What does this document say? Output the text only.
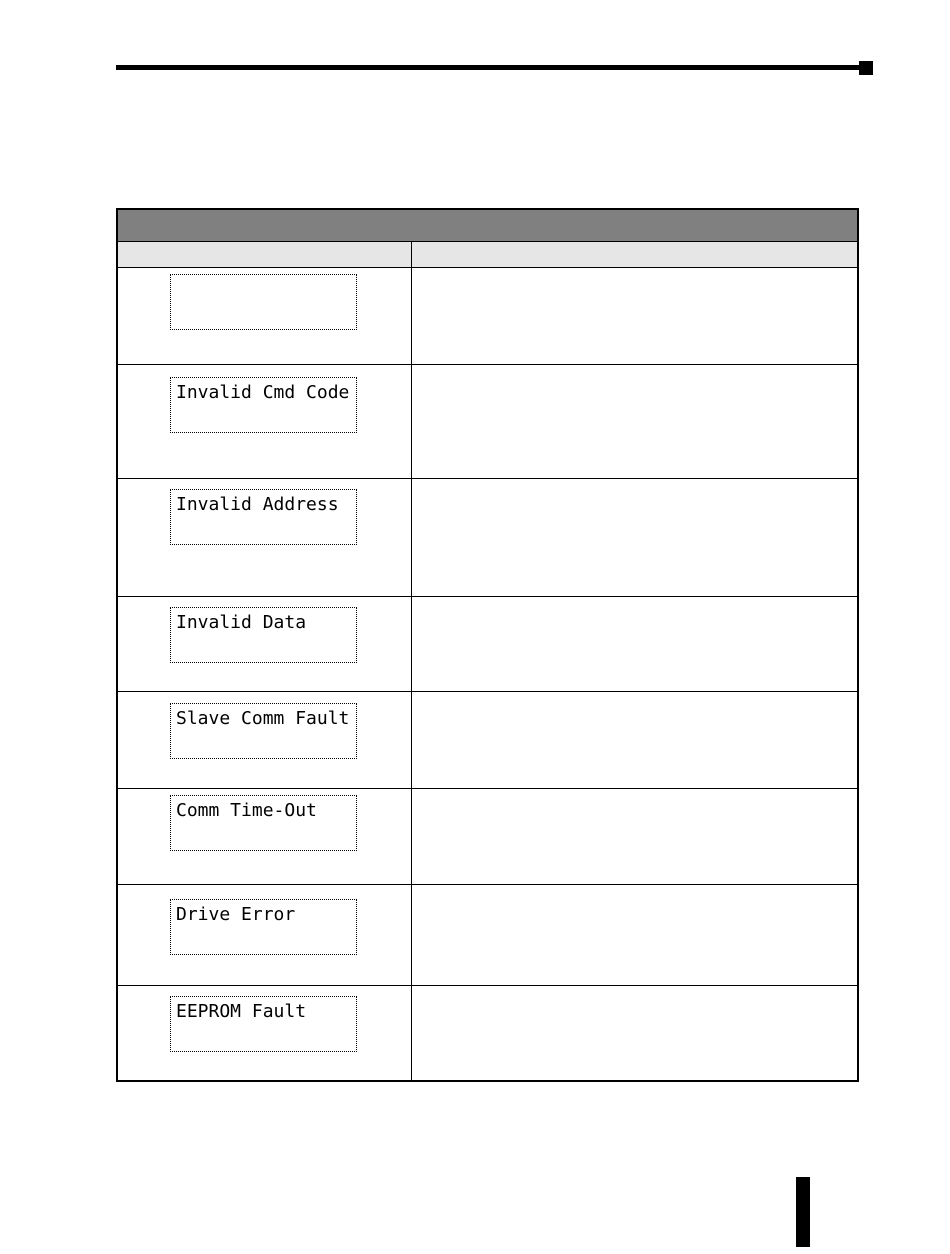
Invalid Cmd Code
Invalid Address
Invalid Data
Slave Comm Fault
Comm Time-Out
Drive Error
EEPROM Fault
